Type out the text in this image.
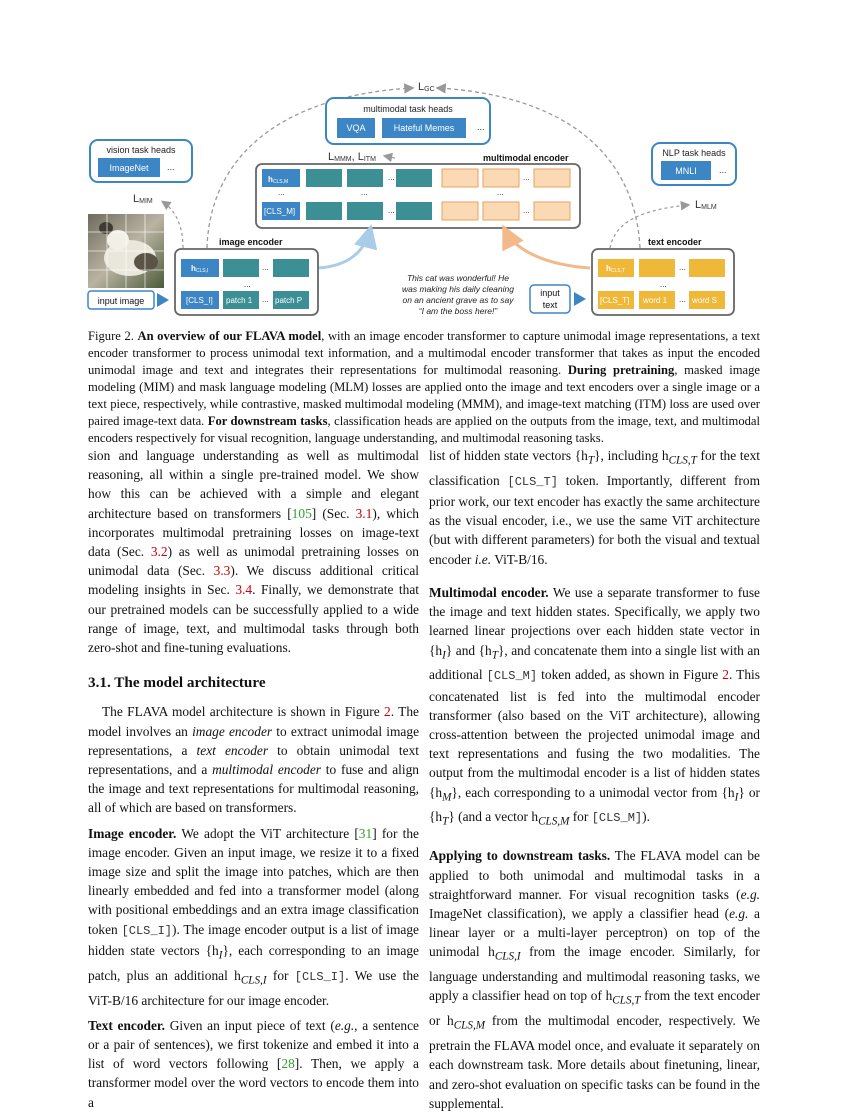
LGC
multimodal task heads
VQA	Hateful Memes	...
vision task heads
ImageNet ...
NLP task heads
MNLI ...
LMIM	LMLM
LMMM, LITM	multimodal encoder
hCLS,M	...	...
...	...	...
[CLS_M]	...	...
input image
image encoder
hCLS,I	...
...
[CLS_I] patch 1 ... patch P
This cat was wonderful! He
was making his daily cleaning
on an ancient grave as to say
“I am the boss here!”
input
text
text encoder
hCLS,T	...
...
[CLS_T] word 1 ... word S
Figure 2. An overview of our FLAVA model, with an image encoder transformer to capture unimodal image representations, a text encoder transformer to process unimodal text information, and a multimodal encoder transformer that takes as input the encoded unimodal image and text and integrates their representations for multimodal reasoning. During pretraining, masked image modeling (MIM) and mask language modeling (MLM) losses are applied onto the image and text encoders over a single image or a text piece, respectively, while contrastive, masked multimodal modeling (MMM), and image-text matching (ITM) loss are used over paired image-text data. For downstream tasks, classification heads are applied on the outputs from the image, text, and multimodal encoders respectively for visual recognition, language understanding, and multimodal reasoning tasks.

sion and language understanding as well as multimodal reasoning, all within a single pre-trained model. We show how this can be achieved with a simple and elegant architecture based on transformers [105] (Sec. 3.1), which incorporates multimodal pretraining losses on image-text data (Sec. 3.2) as well as unimodal pretraining losses on unimodal data (Sec. 3.3). We discuss additional critical modeling insights in Sec. 3.4. Finally, we demonstrate that our pretrained models can be successfully applied to a wide range of image, text, and multimodal tasks through both zero-shot and fine-tuning evaluations.

3.1. The model architecture

The FLAVA model architecture is shown in Figure 2. The model involves an image encoder to extract unimodal image representations, a text encoder to obtain unimodal text representations, and a multimodal encoder to fuse and align the image and text representations for multimodal reasoning, all of which are based on transformers.

Image encoder. We adopt the ViT architecture [31] for the image encoder. Given an input image, we resize it to a fixed image size and split the image into patches, which are then linearly embedded and fed into a transformer model (along with positional embeddings and an extra image classification token [CLS_I]). The image encoder output is a list of image hidden state vectors $\{h_I\}$, each corresponding to an image patch, plus an additional $h_{CLS,I}$ for [CLS_I]. We use the ViT-B/16 architecture for our image encoder.

Text encoder. Given an input piece of text (e.g., a sentence or a pair of sentences), we first tokenize and embed it into a list of word vectors following [28]. Then, we apply a transformer model over the word vectors to encode them into a

list of hidden state vectors $\{h_T\}$, including $h_{CLS,T}$ for the text classification [CLS_T] token. Importantly, different from prior work, our text encoder has exactly the same architecture as the visual encoder, i.e., we use the same ViT architecture (but with different parameters) for both the visual and textual encoder i.e. ViT-B/16.

Multimodal encoder. We use a separate transformer to fuse the image and text hidden states. Specifically, we apply two learned linear projections over each hidden state vector in $\{h_I\}$ and $\{h_T\}$, and concatenate them into a single list with an additional [CLS_M] token added, as shown in Figure 2. This concatenated list is fed into the multimodal encoder transformer (also based on the ViT architecture), allowing cross-attention between the projected unimodal image and text representations and fusing the two modalities. The output from the multimodal encoder is a list of hidden states $\{h_M\}$, each corresponding to a unimodal vector from $\{h_I\}$ or $\{h_T\}$ (and a vector $h_{CLS,M}$ for [CLS_M]).

Applying to downstream tasks. The FLAVA model can be applied to both unimodal and multimodal tasks in a straightforward manner. For visual recognition tasks (e.g. ImageNet classification), we apply a classifier head (e.g. a linear layer or a multi-layer perceptron) on top of the unimodal $h_{CLS,I}$ from the image encoder. Similarly, for language understanding and multimodal reasoning tasks, we apply a classifier head on top of $h_{CLS,T}$ from the text encoder or $h_{CLS,M}$ from the multimodal encoder, respectively. We pretrain the FLAVA model once, and evaluate it separately on each downstream task. More details about finetuning, linear, and zero-shot evaluation on specific tasks can be found in the supplemental.
